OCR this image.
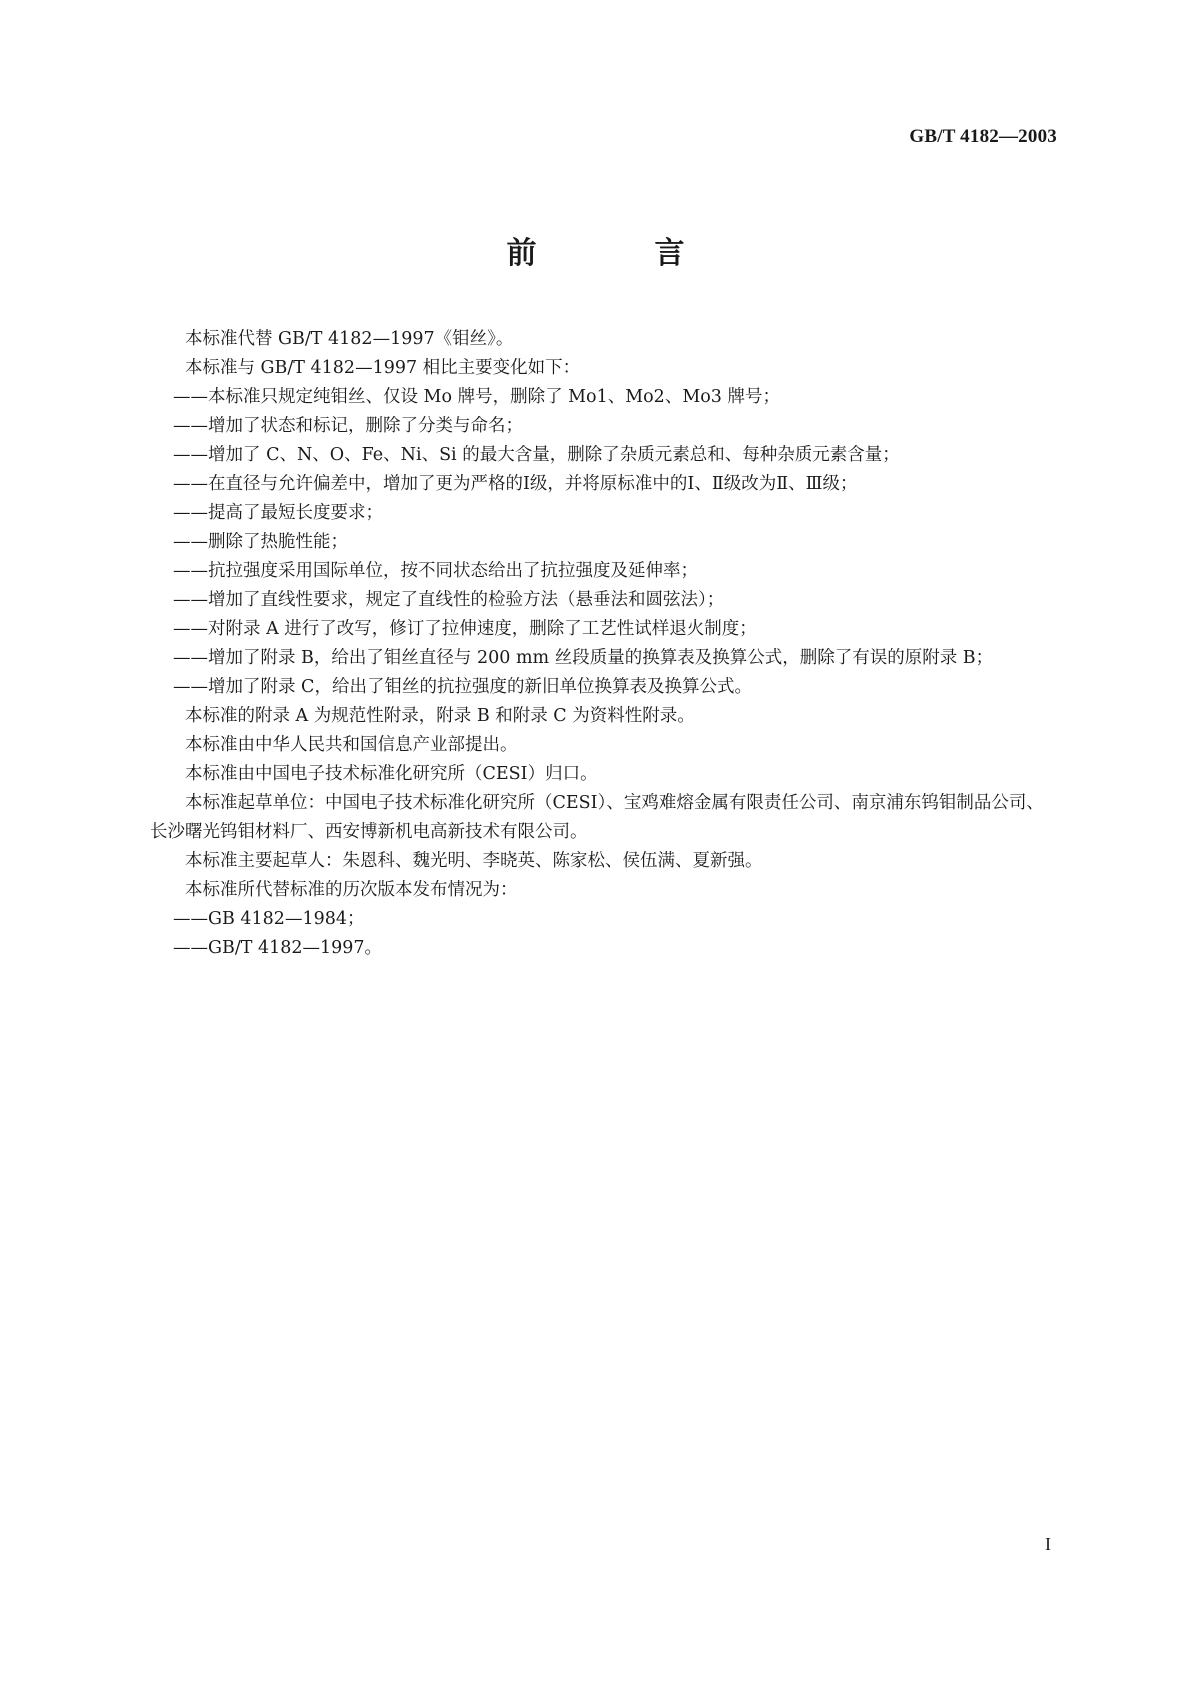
GB/T 4182—2003
前　言

本标准代替 GB/T 4182—1997《钼丝》。

本标准与 GB/T 4182—1997 相比主要变化如下：

——本标准只规定纯钼丝、仅设 Mo 牌号，删除了 Mo1、Mo2、Mo3 牌号；

——增加了状态和标记，删除了分类与命名；

——增加了 C、N、O、Fe、Ni、Si 的最大含量，删除了杂质元素总和、每种杂质元素含量；

——在直径与允许偏差中，增加了更为严格的Ⅰ级，并将原标准中的Ⅰ、Ⅱ级改为Ⅱ、Ⅲ级；

——提高了最短长度要求；

——删除了热脆性能；

——抗拉强度采用国际单位，按不同状态给出了抗拉强度及延伸率；

——增加了直线性要求，规定了直线性的检验方法（悬垂法和圆弦法）；

——对附录 A 进行了改写，修订了拉伸速度，删除了工艺性试样退火制度；

——增加了附录 B，给出了钼丝直径与 200 mm 丝段质量的换算表及换算公式，删除了有误的原附录 B；

——增加了附录 C，给出了钼丝的抗拉强度的新旧单位换算表及换算公式。

本标准的附录 A 为规范性附录，附录 B 和附录 C 为资料性附录。

本标准由中华人民共和国信息产业部提出。

本标准由中国电子技术标准化研究所（CESI）归口。

本标准起草单位：中国电子技术标准化研究所（CESI）、宝鸡难熔金属有限责任公司、南京浦东钨钼制品公司、长沙曙光钨钼材料厂、西安博新机电高新技术有限公司。

本标准主要起草人：朱恩科、魏光明、李晓英、陈家松、侯伍满、夏新强。

本标准所代替标准的历次版本发布情况为：

——GB 4182—1984；

——GB/T 4182—1997。

I
